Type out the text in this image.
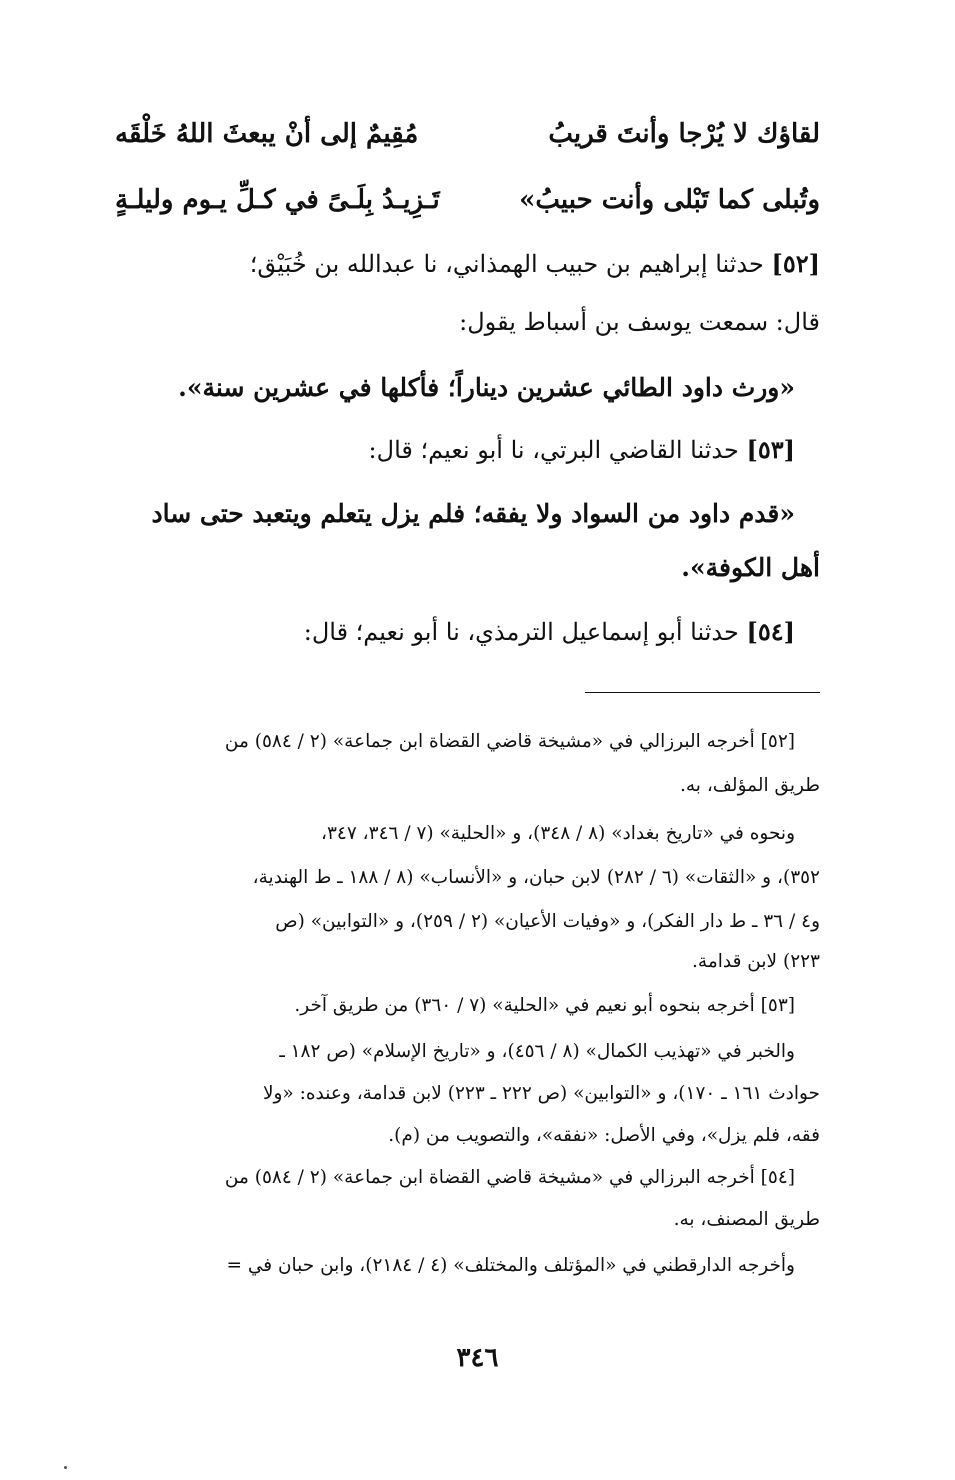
لقاؤك لا يُرْجا وأنتَ قريبُ
مُقِيمٌ إلى أنْ يبعثَ اللهُ خَلْقَه
وتُبلى كما تَبْلى وأنت حبيبُ»
تَـزِيـدُ بِلَـىً في كـلِّ يـوم وليلـةٍ
[٥٢] حدثنا إبراهيم بن حبيب الهمذاني، نا عبدالله بن خُبَيْق؛
قال: سمعت يوسف بن أسباط يقول:
«ورث داود الطائي عشرين ديناراً؛ فأكلها في عشرين سنة».
[٥٣] حدثنا القاضي البرتي، نا أبو نعيم؛ قال:
«قدم داود من السواد ولا يفقه؛ فلم يزل يتعلم ويتعبد حتى ساد
أهل الكوفة».
[٥٤] حدثنا أبو إسماعيل الترمذي، نا أبو نعيم؛ قال:
[٥٢] أخرجه البرزالي في «مشيخة قاضي القضاة ابن جماعة» (٢ / ٥٨٤) من
طريق المؤلف، به.
ونحوه في «تاريخ بغداد» (٨ / ٣٤٨)، و «الحلية» (٧ / ٣٤٦، ٣٤٧،
٣٥٢)، و «الثقات» (٦ / ٢٨٢) لابن حبان، و «الأنساب» (٨ / ١٨٨ ـ ط الهندية،
و٤ / ٣٦ ـ ط دار الفكر)، و «وفيات الأعيان» (٢ / ٢٥٩)، و «التوابين» (ص
٢٢٣) لابن قدامة.
[٥٣] أخرجه بنحوه أبو نعيم في «الحلية» (٧ / ٣٦٠) من طريق آخر.
والخبر في «تهذيب الكمال» (٨ / ٤٥٦)، و «تاريخ الإسلام» (ص ١٨٢ ـ
حوادث ١٦١ ـ ١٧٠)، و «التوابين» (ص ٢٢٢ ـ ٢٢٣) لابن قدامة، وعنده: «ولا
فقه، فلم يزل»، وفي الأصل: «نفقه»، والتصويب من (م).
[٥٤] أخرجه البرزالي في «مشيخة قاضي القضاة ابن جماعة» (٢ / ٥٨٤) من
طريق المصنف، به.
وأخرجه الدارقطني في «المؤتلف والمختلف» (٤ / ٢١٨٤)، وابن حبان في =
٣٤٦
